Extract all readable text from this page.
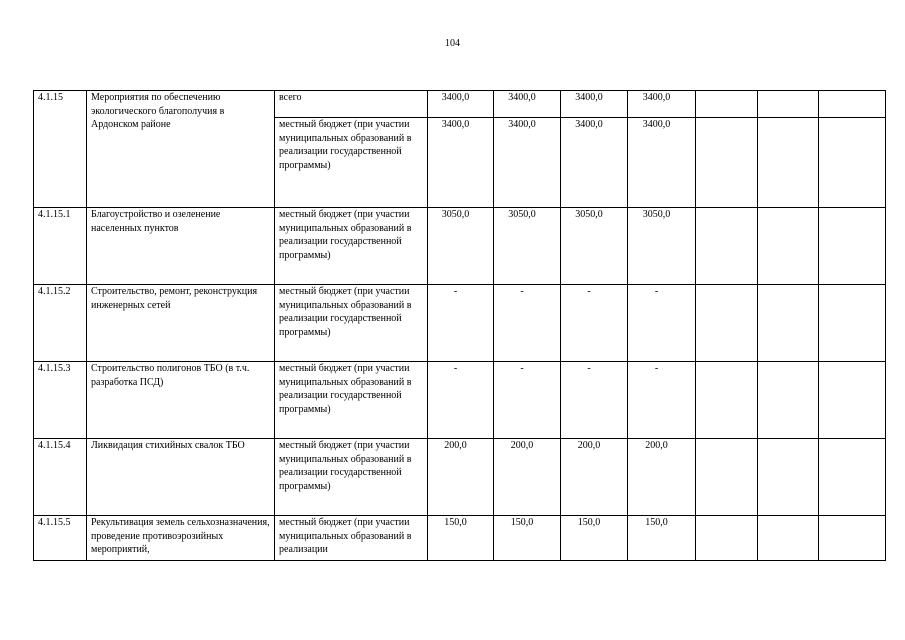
104
4.1.15	Мероприятия по обеспечению экологического благополучия в Ардонском районе	всего	3400,0	3400,0	3400,0	3400,0			
		местный бюджет (при участии муниципальных образований в реализации государственной программы)	3400,0	3400,0	3400,0	3400,0			
4.1.15.1	Благоустройство и озеленение населенных пунктов	местный бюджет (при участии муниципальных образований в реализации государственной программы)	3050,0	3050,0	3050,0	3050,0			
4.1.15.2	Строительство, ремонт, реконструкция инженерных сетей	местный бюджет (при участии муниципальных образований в реализации государственной программы)	-	-	-	-			
4.1.15.3	Строительство полигонов ТБО (в т.ч. разработка ПСД)	местный бюджет (при участии муниципальных образований в реализации государственной программы)	-	-	-	-			
4.1.15.4	Ликвидация стихийных свалок ТБО	местный бюджет (при участии муниципальных образований в реализации государственной программы)	200,0	200,0	200,0	200,0			
4.1.15.5	Рекультивация земель сельхозназначения, проведение противоэрозийных мероприятий,	местный бюджет (при участии муниципальных образований в реализации	150,0	150,0	150,0	150,0			
